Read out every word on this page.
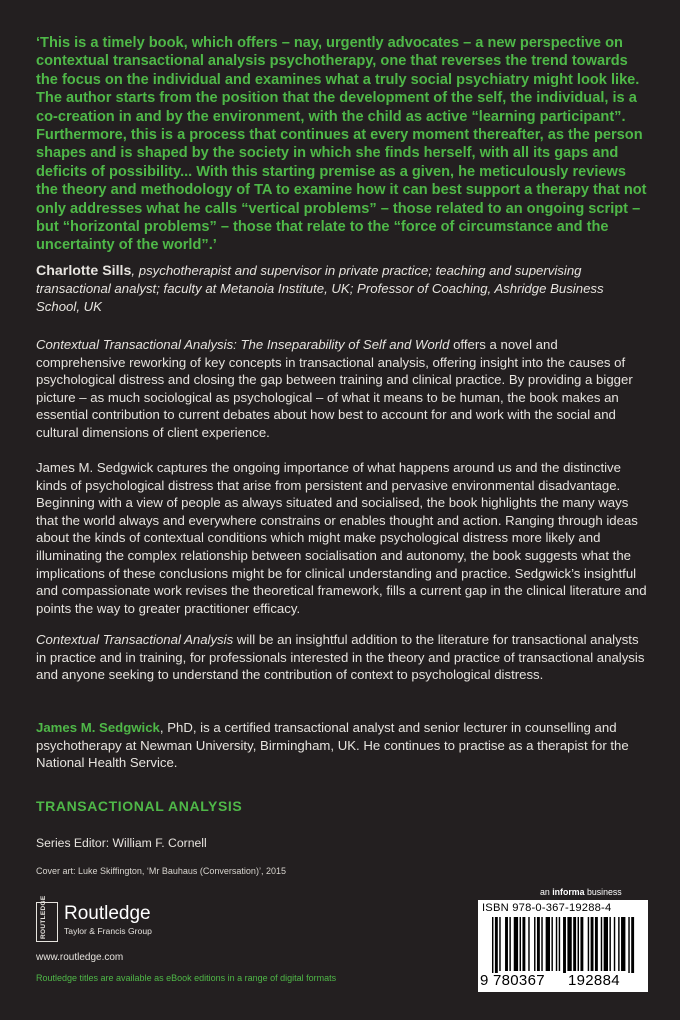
‘This is a timely book, which offers – nay, urgently advocates – a new perspective on contextual transactional analysis psychotherapy, one that reverses the trend towards the focus on the individual and examines what a truly social psychiatry might look like. The author starts from the position that the development of the self, the individual, is a co-creation in and by the environment, with the child as active “learning participant”. Furthermore, this is a process that continues at every moment thereafter, as the person shapes and is shaped by the society in which she finds herself, with all its gaps and deficits of possibility... With this starting premise as a given, he meticulously reviews the theory and methodology of TA to examine how it can best support a therapy that not only addresses what he calls “vertical problems” – those related to an ongoing script – but “horizontal problems” – those that relate to the “force of circumstance and the uncertainty of the world”.’

Charlotte Sills, psychotherapist and supervisor in private practice; teaching and supervising transactional analyst; faculty at Metanoia Institute, UK; Professor of Coaching, Ashridge Business School, UK

Contextual Transactional Analysis: The Inseparability of Self and World offers a novel and comprehensive reworking of key concepts in transactional analysis, offering insight into the causes of psychological distress and closing the gap between training and clinical practice. By providing a bigger picture – as much sociological as psychological – of what it means to be human, the book makes an essential contribution to current debates about how best to account for and work with the social and cultural dimensions of client experience.

James M. Sedgwick captures the ongoing importance of what happens around us and the distinctive kinds of psychological distress that arise from persistent and pervasive environmental disadvantage. Beginning with a view of people as always situated and socialised, the book highlights the many ways that the world always and everywhere constrains or enables thought and action. Ranging through ideas about the kinds of contextual conditions which might make psychological distress more likely and illuminating the complex relationship between socialisation and autonomy, the book suggests what the implications of these conclusions might be for clinical understanding and practice. Sedgwick’s insightful and compassionate work revises the theoretical framework, fills a current gap in the clinical literature and points the way to greater practitioner efficacy.

Contextual Transactional Analysis will be an insightful addition to the literature for transactional analysts in practice and in training, for professionals interested in the theory and practice of transactional analysis and anyone seeking to understand the contribution of context to psychological distress.

James M. Sedgwick, PhD, is a certified transactional analyst and senior lecturer in counselling and psychotherapy at Newman University, Birmingham, UK. He continues to practise as a therapist for the National Health Service.

TRANSACTIONAL ANALYSIS
Series Editor: William F. Cornell
Cover art: Luke Skiffington, ‘Mr Bauhaus (Conversation)’, 2015
ROUTLEDGE Routledge
Taylor & Francis Group
www.routledge.com
Routledge titles are available as eBook editions in a range of digital formats
an informa business
ISBN 978-0-367-19288-4
9 780367 192884
